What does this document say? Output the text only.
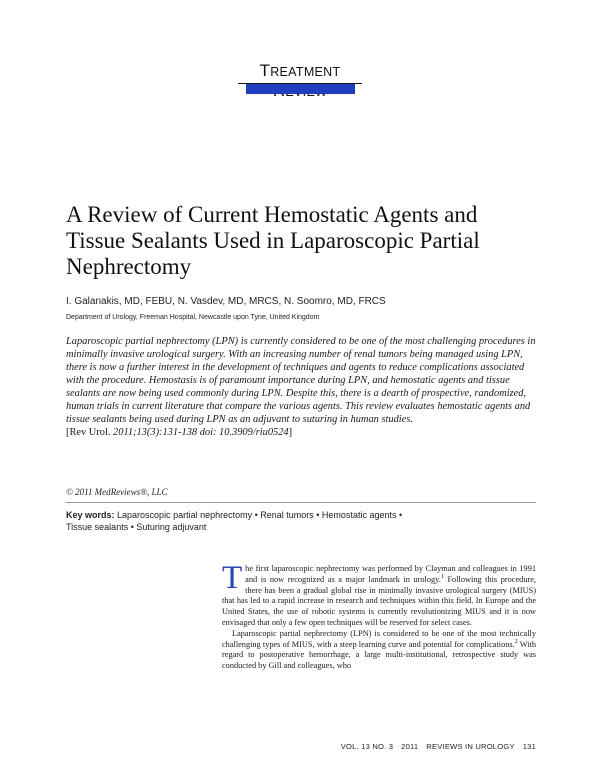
TREATMENT
A Review of Current Hemostatic Agents and Tissue Sealants Used in Laparoscopic Partial Nephrectomy
I. Galanakis, MD, FEBU, N. Vasdev, MD, MRCS, N. Soomro, MD, FRCS
Department of Urology, Freeman Hospital, Newcastle upon Tyne, United Kingdom

Laparoscopic partial nephrectomy (LPN) is currently considered to be one of the most challenging procedures in minimally invasive urological surgery. With an increasing number of renal tumors being managed using LPN, there is now a further interest in the development of techniques and agents to reduce complications associated with the procedure. Hemostasis is of paramount importance during LPN, and hemostatic agents and tissue sealants are now being used commonly during LPN. Despite this, there is a dearth of prospective, randomized, human trials in current literature that compare the various agents. This review evaluates hemostatic agents and tissue sealants being used during LPN as an adjuvant to suturing in human studies.
[Rev Urol. 2011;13(3):131-138 doi: 10.3909/riu0524]

© 2011 MedReviews®, LLC
Key words: Laparoscopic partial nephrectomy • Renal tumors • Hemostatic agents • Tissue sealants • Suturing adjuvant

The first laparoscopic nephrectomy was performed by Clayman and colleagues in 1991 and is now recognized as a major landmark in urology.$^1$ Following this procedure, there has been a gradual global rise in minimally invasive urological surgery (MIUS) that has led to a rapid increase in research and techniques within this field. In Europe and the United States, the use of robotic systems is currently revolutionizing MIUS and it is now envisaged that only a few open techniques will be reserved for select cases.

Laparoscopic partial nephrectomy (LPN) is considered to be one of the most technically challenging types of MIUS, with a steep learning curve and potential for complications.$^2$ With regard to postoperative hemorrhage, a large multi-institutional, retrospective study was conducted by Gill and colleagues, who

VOL. 13 NO. 3 2011 REVIEWS IN UROLOGY 131
